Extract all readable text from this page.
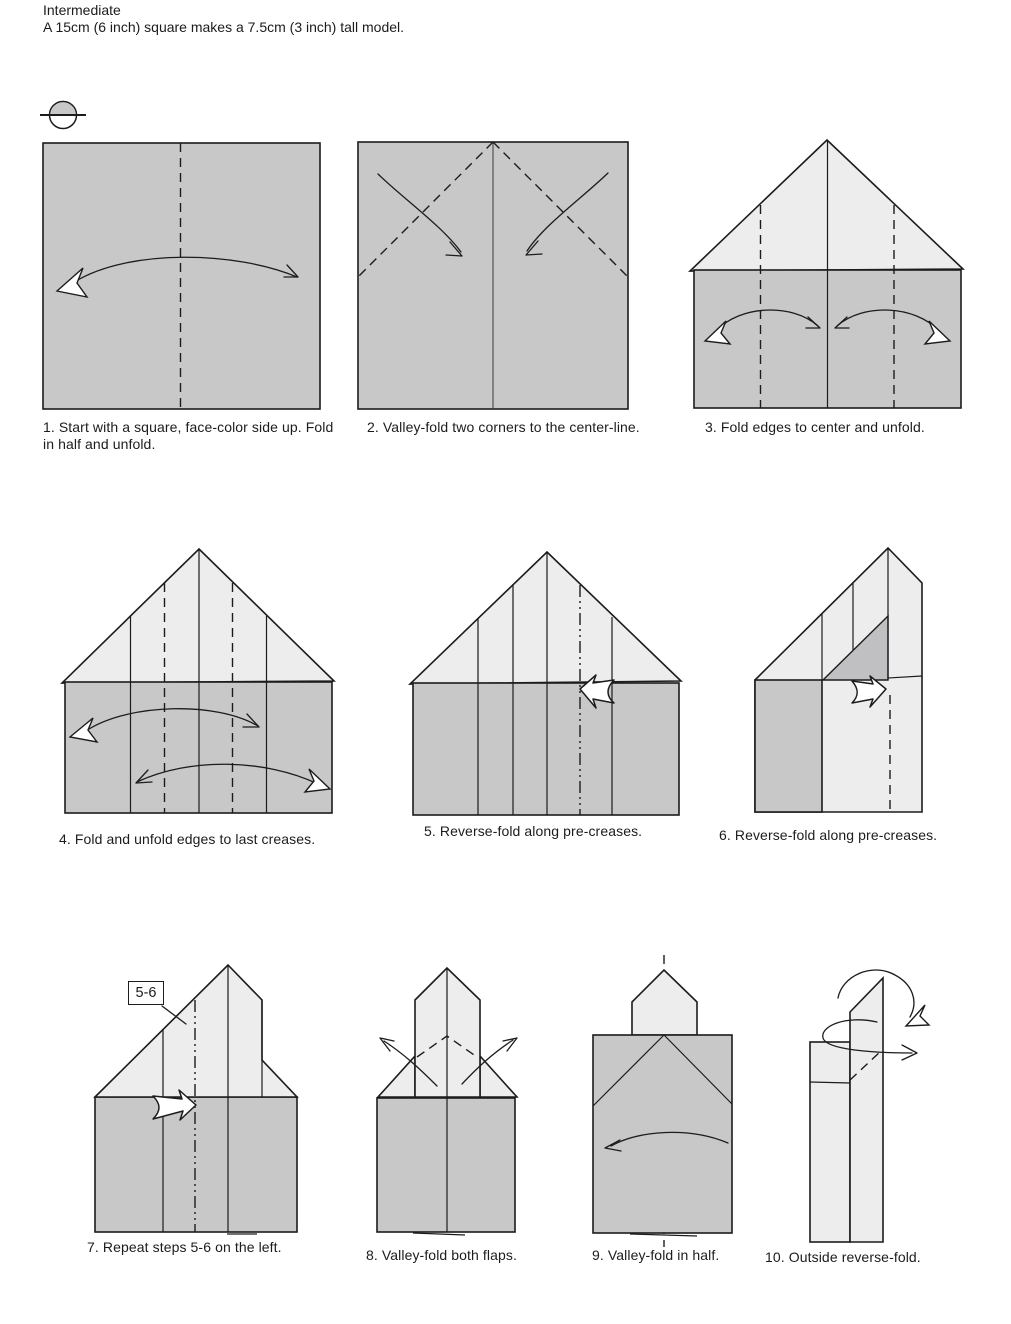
Intermediate
A 15cm (6 inch) square makes a 7.5cm (3 inch) tall model.
1. Start with a square, face-color side up. Fold in half and unfold.
2. Valley-fold two corners to the center-line.	3. Fold edges to center and unfold.
4. Fold and unfold edges to last creases.	5. Reverse-fold along pre-creases.	6. Reverse-fold along pre-creases.
7. Repeat steps 5-6 on the left.	8. Valley-fold both flaps.	9. Valley-fold in half.	10. Outside reverse-fold.
5-6
